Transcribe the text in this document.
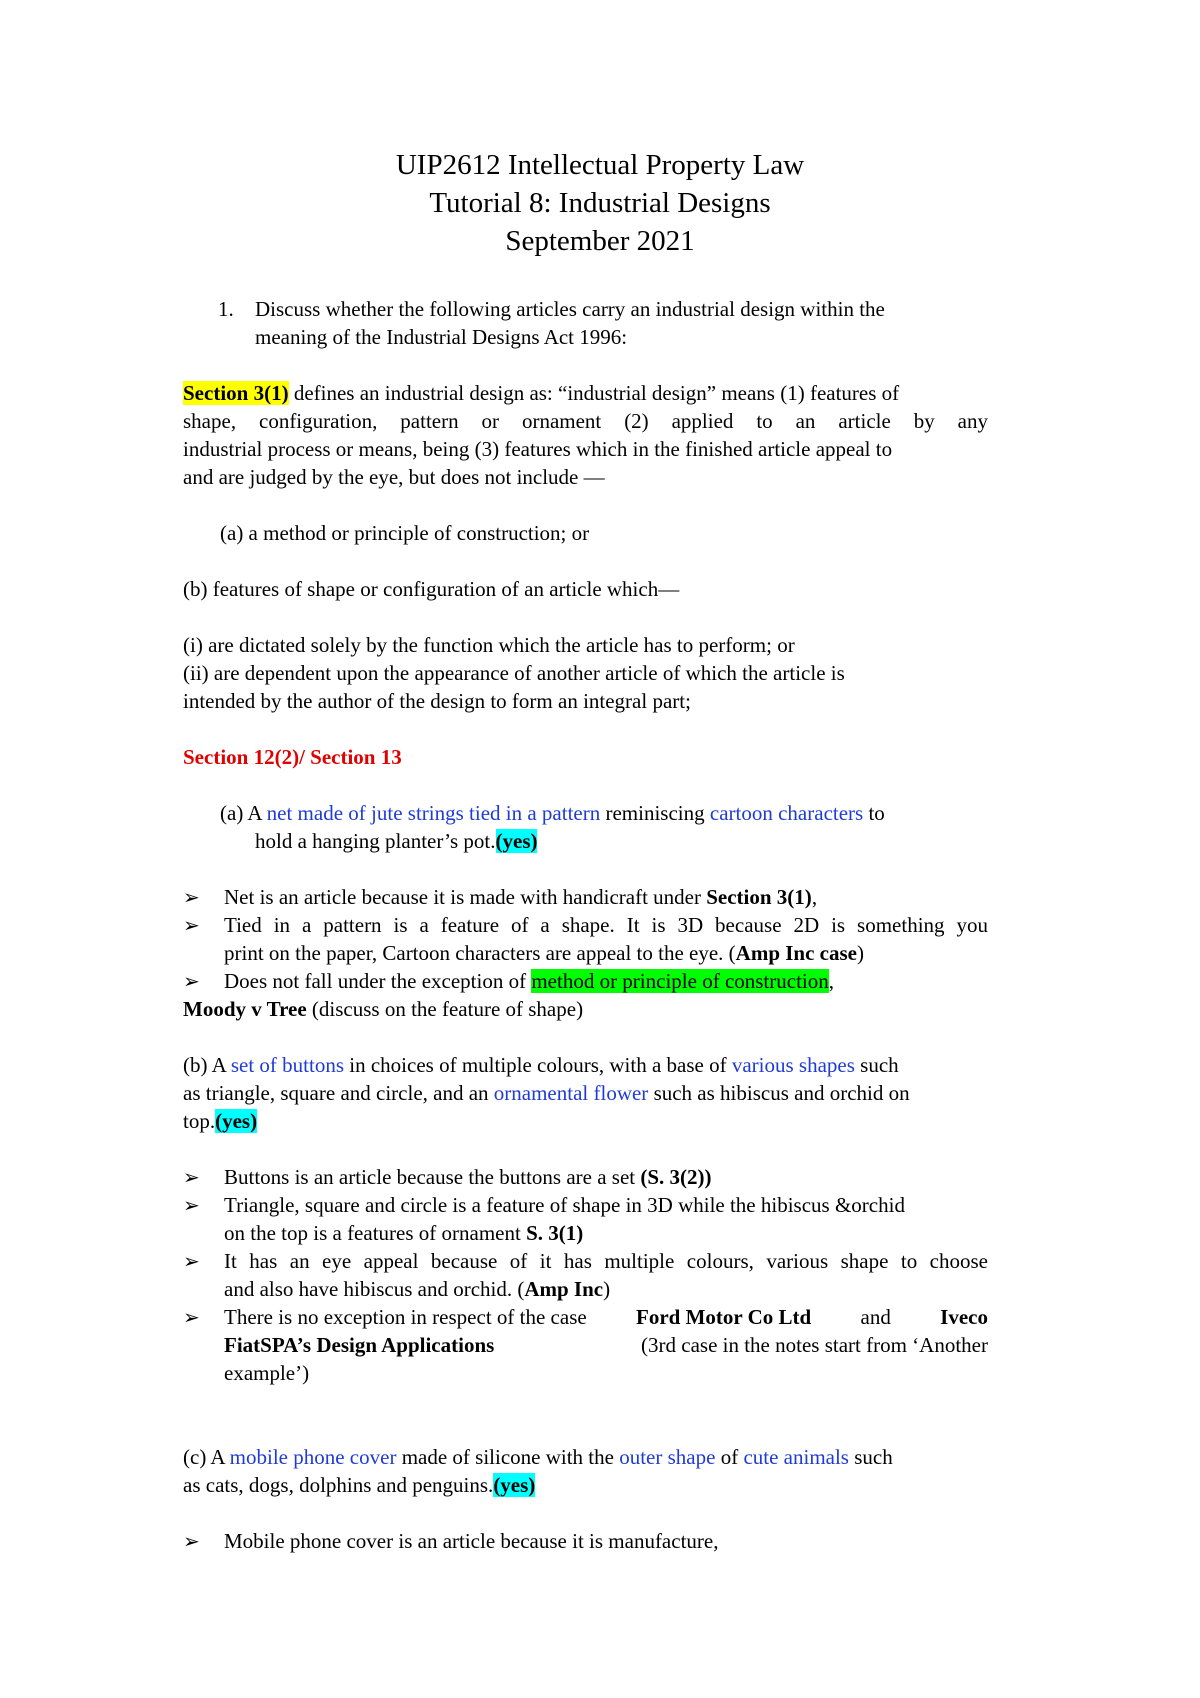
UIP2612 Intellectual Property Law
Tutorial 8: Industrial Designs
September 2021
1. Discuss whether the following articles carry an industrial design within the
meaning of the Industrial Designs Act 1996:
Section 3(1) defines an industrial design as: “industrial design” means (1) features of
shape, configuration, pattern or ornament (2) applied to an article by any
industrial process or means, being (3) features which in the finished article appeal to
and are judged by the eye, but does not include —
(a) a method or principle of construction; or
(b) features of shape or configuration of an article which—
(i) are dictated solely by the function which the article has to perform; or
(ii) are dependent upon the appearance of another article of which the article is
intended by the author of the design to form an integral part;
Section 12(2)/ Section 13
(a) A net made of jute strings tied in a pattern reminiscing cartoon characters to
hold a hanging planter’s pot.(yes)
➢ Net is an article because it is made with handicraft under Section 3(1),
➢ Tied in a pattern is a feature of a shape. It is 3D because 2D is something you
print on the paper, Cartoon characters are appeal to the eye. (Amp Inc case)
➢ Does not fall under the exception of method or principle of construction,
Moody v Tree (discuss on the feature of shape)
(b) A set of buttons in choices of multiple colours, with a base of various shapes such
as triangle, square and circle, and an ornamental flower such as hibiscus and orchid on
top.(yes)
➢ Buttons is an article because the buttons are a set (S. 3(2))
➢ Triangle, square and circle is a feature of shape in 3D while the hibiscus &orchid
on the top is a features of ornament S. 3(1)
➢ It has an eye appeal because of it has multiple colours, various shape to choose
and also have hibiscus and orchid. (Amp Inc)
➢ There is no exception in respect of the case Ford Motor Co Ltd and Iveco
FiatSPA’s Design Applications	(3rd case in the notes start from ‘Another
example’)
(c) A mobile phone cover made of silicone with the outer shape of cute animals such
as cats, dogs, dolphins and penguins.(yes)
➢ Mobile phone cover is an article because it is manufacture,
